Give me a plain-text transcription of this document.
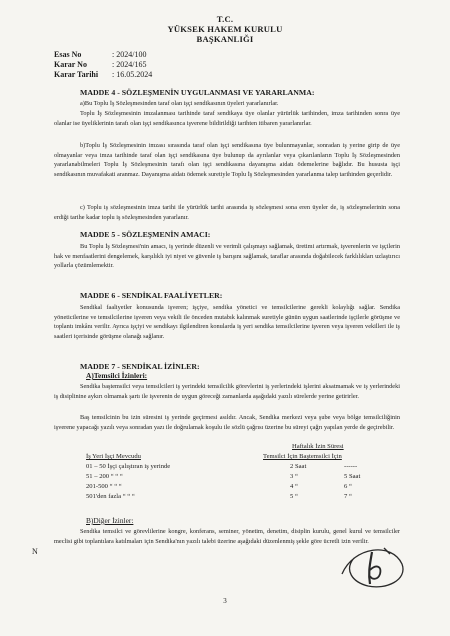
T.C.
YÜKSEK HAKEM KURULU
BAŞKANLIĞI
Esas No	: 2024/100
Karar No	: 2024/165
Karar Tarihi : 16.05.2024
MADDE 4 - SÖZLEŞMENİN UYGULANMASI VE YARARLANMA:
a)Bu Toplu İş Sözleşmesinden taraf olan işçi sendikasının üyeleri yararlanırlar.
Toplu İş Sözleşmesinin imzalanması tarihinde taraf sendikaya üye olanlar yürürlük tarihinden, imza tarihinden sonra üye olanlar ise üyeliklerinin tarafı olan işçi sendikasınca işverene bildirildiği tarihten itibaren yararlanırlar.
b)Toplu İş Sözleşmesinin imzası sırasında taraf olan işçi sendikasına üye bulunmayanlar, sonradan iş yerine girip de üye olmayanlar veya imza tarihinde taraf olan işçi sendikasına üye bulunup da ayrılanlar veya çıkarılanların Toplu İş Sözleşmesinden yararlanabilmeleri Toplu İş Sözleşmesinin tarafı olan işçi sendikasına dayanışma aidatı ödemelerine bağlıdır. Bu hususta işçi sendikasının muvafakati aranmaz. Dayanışma aidatı ödemek suretiyle Toplu İş Sözleşmesinden yararlanma talep tarihinden geçerlidir.
c) Toplu iş sözleşmesinin imza tarihi ile yürürlük tarihi arasında iş sözleşmesi sona eren üyeler de, iş sözleşmelerinin sona erdiği tarihe kadar toplu iş sözleşmesinden yararlanır.
MADDE 5 - SÖZLEŞMENİN AMACI:
Bu Toplu İş Sözleşmesi'nin amacı, iş yerinde düzenli ve verimli çalışmayı sağlamak, üretimi artırmak, işverenlerin ve işçilerin hak ve menfaatlerini dengelemek, karşılıklı iyi niyet ve güvenle iş barışını sağlamak, taraflar arasında doğabilecek farklılıkları uzlaştırıcı yollarla çözümlemektir.
MADDE 6 - SENDİKAL FAALİYETLER:
Sendikal faaliyetler konusunda işveren; işçiye, sendika yönetici ve temsilcilerine gerekli kolaylığı sağlar. Sendika yöneticilerine ve temsilcilerine işveren veya vekili ile önceden mutabık kalınmak suretiyle günün uygun saatlerinde işçilerle görüşme ve toplantı imkânı verilir. Ayrıca işçiyi ve sendikayı ilgilendiren konularda iş yeri sendika temsilcilerine işveren veya işveren vekilleri ile iş saatleri içerisinde görüşme olanağı sağlanır.
MADDE 7 - SENDİKAL İZİNLER:
A)Temsilci İzinleri:
Sendika baştemsilci veya temsilcileri iş yerindeki temsilcilik görevlerini iş yerlerindeki işlerini aksatmamak ve iş yerlerindeki iş disiplinine aykırı olmamak şartı ile işverenin de uygun göreceği zamanlarda aşağıdaki yazılı sürelerde yerine getirirler.
Baş temsilcinin bu izin süresini iş yerinde geçirmesi asıldır. Ancak, Sendika merkezi veya şube veya bölge temsilciliğinin işverene yapacağı yazılı veya sonradan yazı ile doğrulamak koşulu ile sözlü çağrısı üzerine bu süreyi çağrı yapılan yerde de geçirebilir.
Haftalık İzin Süresi
İş Yeri İşçi Mevcudu	Temsilci İçin Baştemsilci İçin
01 – 50 İşçi çalıştıran iş yerinde	2 Saat	------
51 – 200 “ “ “	3 “	5 Saat
201-500 “ “ “	4 “	6 “
501'den fazla “ “ “	5 “	7 “
B)Diğer İzinler:
Sendika temsilci ve görevlilerine kongre, konferans, seminer, yönetim, denetim, disiplin kurulu, genel kurul ve temsilciler meclisi gibi toplantılara katılmaları için Sendika'nın yazılı talebi üzerine aşağıdaki düzenlenmiş şekle göre ücretli izin verilir.
N
3
